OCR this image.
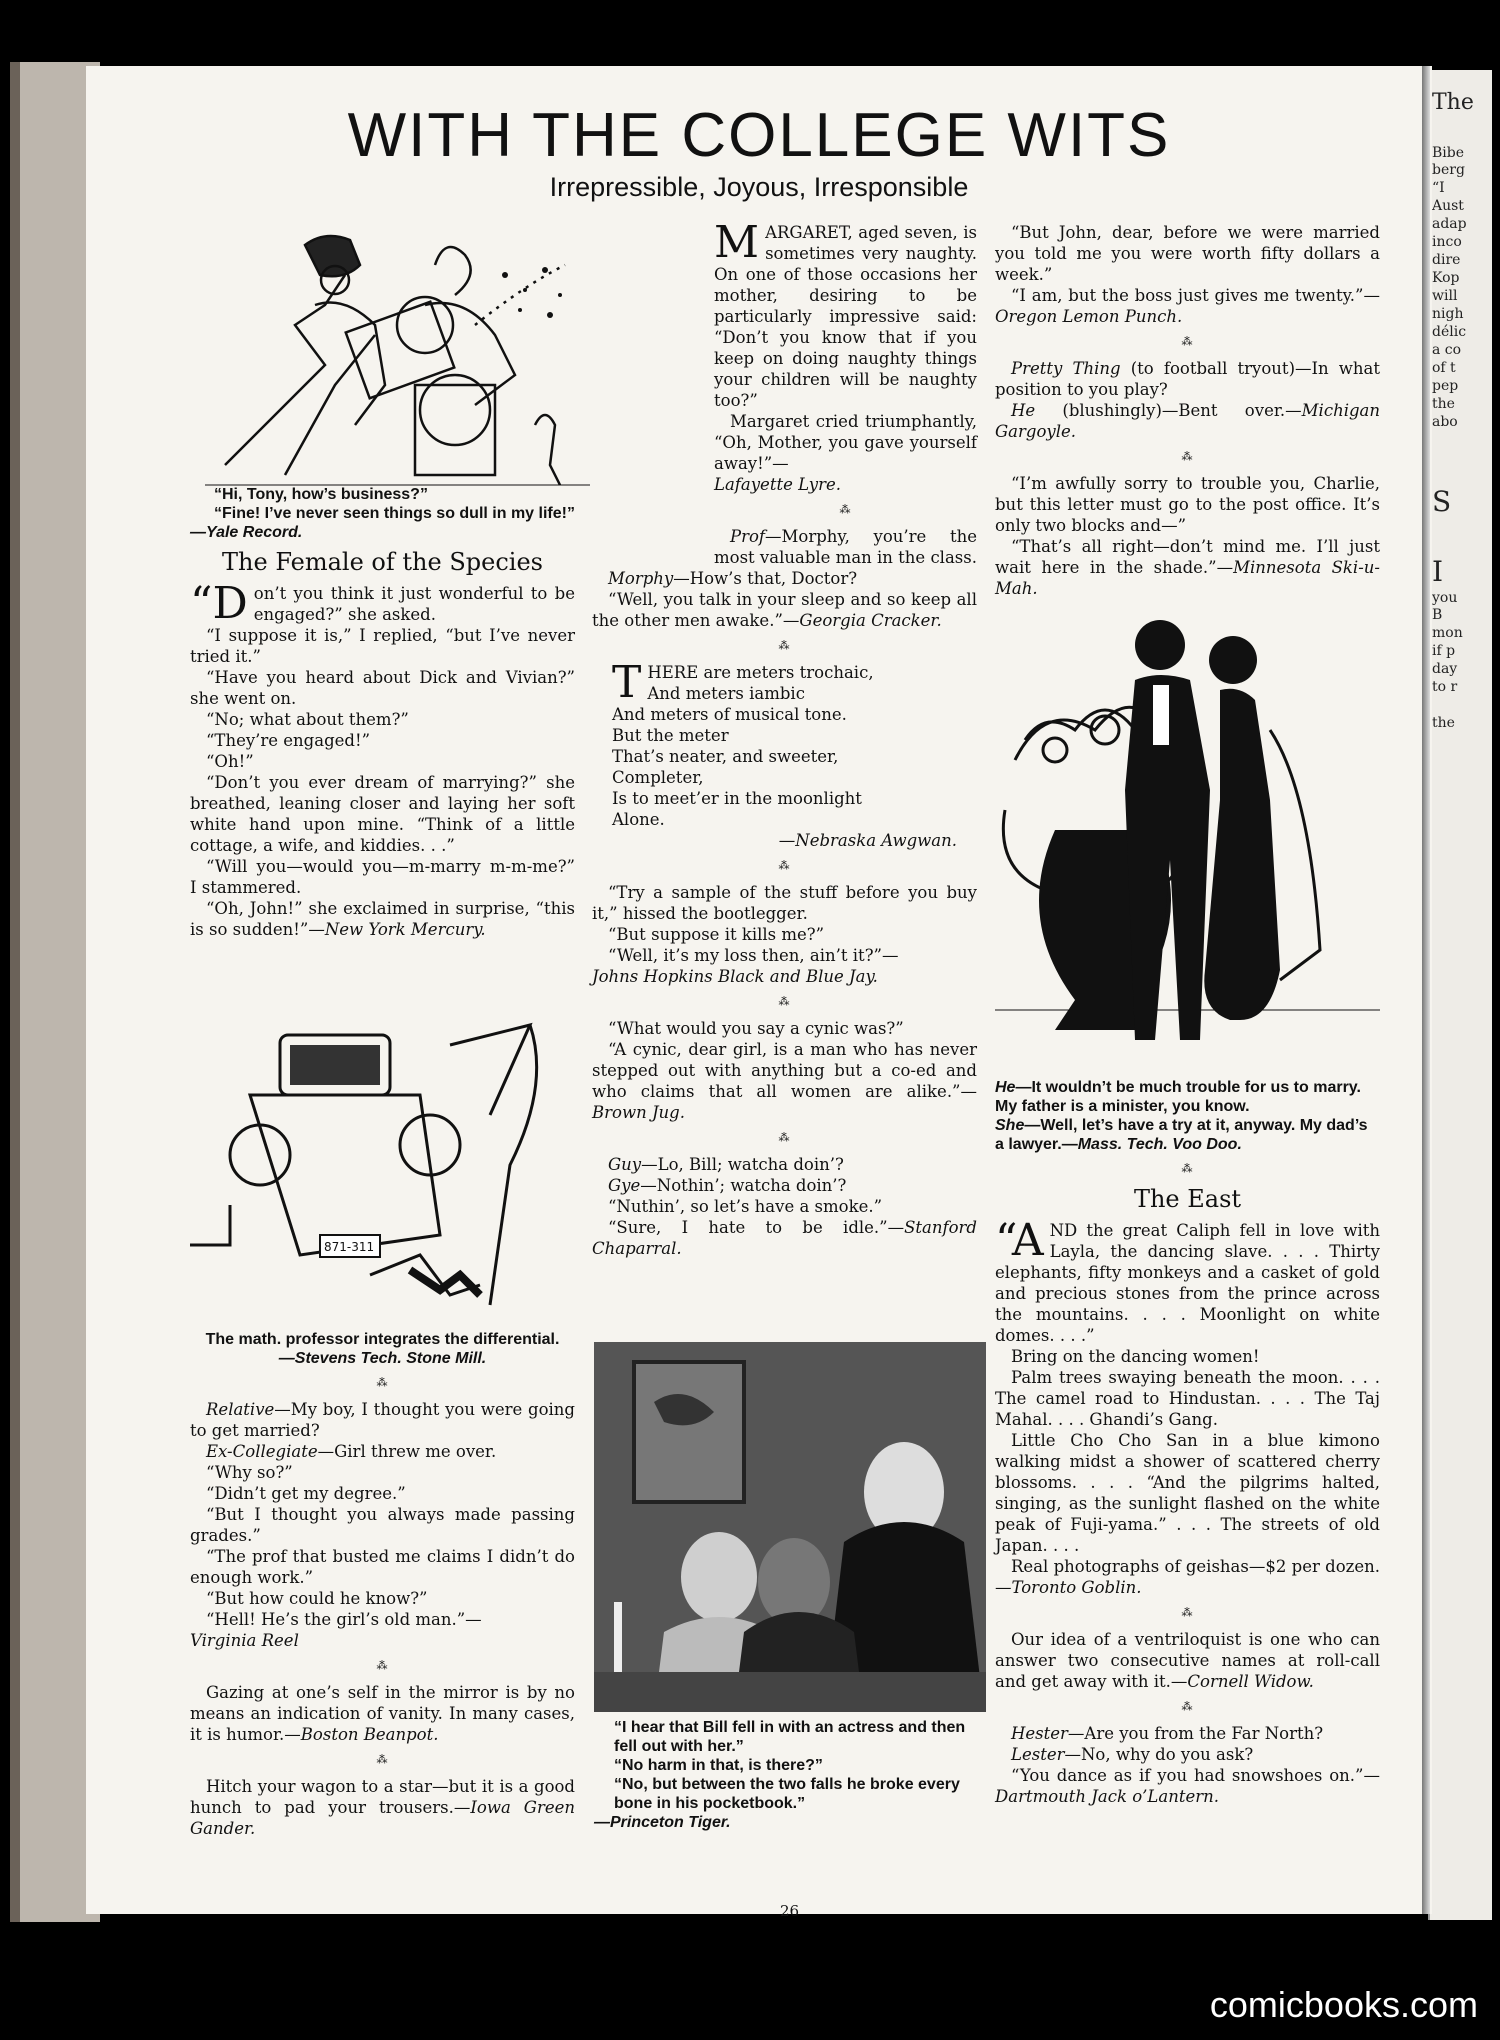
The
Bibe
berg
“I
Aust
adap
inco
dire
Kop
will
nigh
délic
a co
of t
pep
the
abo
S
I
you
B
mon
if p
day
to r
the
WITH THE COLLEGE WITS
Irrepressible, Joyous, Irresponsible

“Hi, Tony, how’s business?”

“Fine! I’ve never seen things so dull in my life!”

—Yale Record.

The Female of the Species

“Don’t you think it just wonderful to be engaged?” she asked.

“I suppose it is,” I replied, “but I’ve never tried it.”

“Have you heard about Dick and Vivian?” she went on.

“No; what about them?”

“They’re engaged!”

“Oh!”

“Don’t you ever dream of marrying?” she breathed, leaning closer and laying her soft white hand upon mine. “Think of a little cottage, a wife, and kiddies. . .”

“Will you—would you—m-marry m-m-me?” I stammered.

“Oh, John!” she exclaimed in surprise, “this is so sudden!”—New York Mercury.

871-311

The math. professor integrates the differential.

—Stevens Tech. Stone Mill.

⁂

Relative—My boy, I thought you were going to get married?

Ex-Collegiate—Girl threw me over.

“Why so?”

“Didn’t get my degree.”

“But I thought you always made passing grades.”

“The prof that busted me claims I didn’t do enough work.”

“But how could he know?”

“Hell! He’s the girl’s old man.”—

Virginia Reel

⁂

Gazing at one’s self in the mirror is by no means an indication of vanity. In many cases, it is humor.—Boston Beanpot.

⁂

Hitch your wagon to a star—but it is a good hunch to pad your trousers.—Iowa Green Gander.

MARGARET, aged seven, is sometimes very naughty. On one of those occasions her mother, desiring to be particularly impressive said: “Don’t you know that if you keep on doing naughty things your children will be naughty too?”

Margaret cried triumphantly, “Oh, Mother, you gave yourself away!”—

Lafayette Lyre.

⁂

Prof—Morphy, you’re the most valuable man in the class.

Morphy—How’s that, Doctor?

“Well, you talk in your sleep and so keep all the other men awake.”—Georgia Cracker.

⁂

THERE are meters trochaic,

And meters iambic

And meters of musical tone.

But the meter

That’s neater, and sweeter,

Completer,

Is to meet’er in the moonlight

Alone.

—Nebraska Awgwan.

⁂

“Try a sample of the stuff before you buy it,” hissed the bootlegger.

“But suppose it kills me?”

“Well, it’s my loss then, ain’t it?”—

Johns Hopkins Black and Blue Jay.

⁂

“What would you say a cynic was?”

“A cynic, dear girl, is a man who has never stepped out with anything but a co-ed and who claims that all women are alike.”—Brown Jug.

⁂

Guy—Lo, Bill; watcha doin’?

Gye—Nothin’; watcha doin’?

“Nuthin’, so let’s have a smoke.”

“Sure, I hate to be idle.”—Stanford Chaparral.

“I hear that Bill fell in with an actress and then fell out with her.”

“No harm in that, is there?”

“No, but between the two falls he broke every bone in his pocketbook.”

—Princeton Tiger.

“But John, dear, before we were married you told me you were worth fifty dollars a week.”

“I am, but the boss just gives me twenty.”—Oregon Lemon Punch.

⁂

Pretty Thing (to football tryout)—In what position to you play?

He (blushingly)—Bent over.—Michigan Gargoyle.

⁂

“I’m awfully sorry to trouble you, Charlie, but this letter must go to the post office. It’s only two blocks and—”

“That’s all right—don’t mind me. I’ll just wait here in the shade.”—Minnesota Ski-u-Mah.

He—It wouldn’t be much trouble for us to marry. My father is a minister, you know.

She—Well, let’s have a try at it, anyway. My dad’s a lawyer.—Mass. Tech. Voo Doo.

⁂
The East

“AND the great Caliph fell in love with Layla, the dancing slave. . . . Thirty elephants, fifty monkeys and a casket of gold and precious stones from the prince across the mountains. . . . Moonlight on white domes. . . .”

Bring on the dancing women!

Palm trees swaying beneath the moon. . . . The camel road to Hindustan. . . . The Taj Mahal. . . . Ghandi’s Gang.

Little Cho Cho San in a blue kimono walking midst a shower of scattered cherry blossoms. . . . “And the pilgrims halted, singing, as the sunlight flashed on the white peak of Fuji-yama.” . . . The streets of old Japan. . . .

Real photographs of geishas—$2 per dozen.—Toronto Goblin.

⁂

Our idea of a ventriloquist is one who can answer two consecutive names at roll-call and get away with it.—Cornell Widow.

⁂

Hester—Are you from the Far North?

Lester—No, why do you ask?

“You dance as if you had snowshoes on.”—Dartmouth Jack o’Lantern.

26
comicbooks.com
